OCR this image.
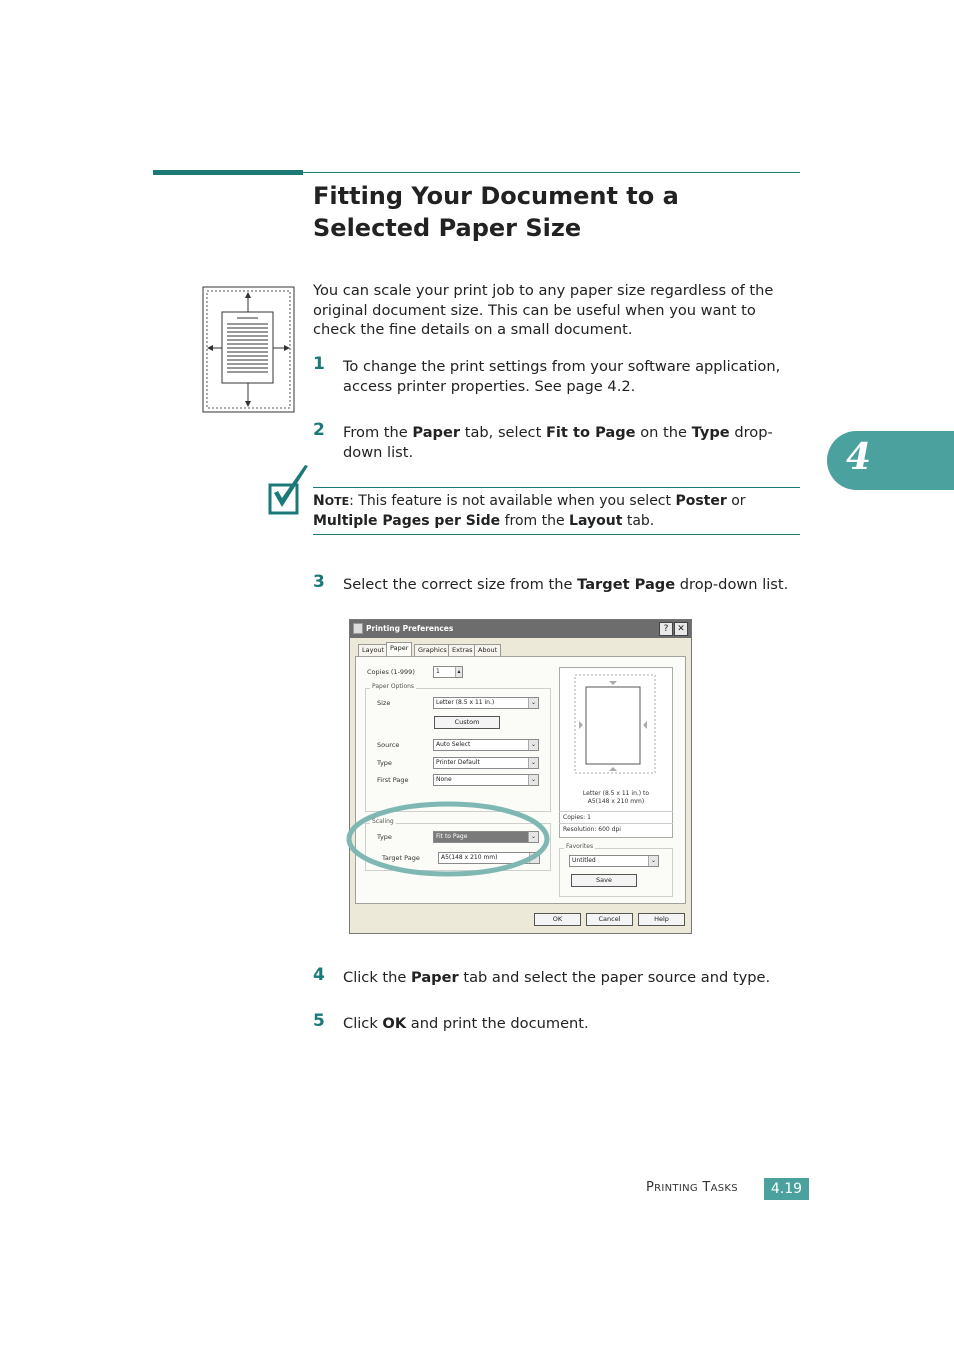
Fitting Your Document to a Selected Paper Size
You can scale your print job to any paper size regardless of the original document size. This can be useful when you want to check the fine details on a small document.
1 To change the print settings from your software application, access printer properties. See page 4.2.
2 From the Paper tab, select Fit to Page on the Type drop-down list.
NOTE: This feature is not available when you select Poster or Multiple Pages per Side from the Layout tab.
3 Select the correct size from the Target Page drop-down list.
Printing Preferences	? ✕
Layout Paper	Graphics Extras About
Copies (1-999)	1	▴
Paper Options
Size	Letter (8.5 x 11 in.)	⌄
Custom
Source	Auto Select	⌄
Type	Printer Default	⌄
First Page	None	⌄
Scaling
Type	Fit to Page	⌄
Target Page	A5(148 x 210 mm)	⌄
Letter (8.5 x 11 in.) to
A5(148 x 210 mm)
Copies: 1
Resolution: 600 dpi
Favorites
Untitled	⌄
Save
OK	Cancel	Help
4 Click the Paper tab and select the paper source and type.
5 Click OK and print the document.
4
PRINTING TASKS	4.19
